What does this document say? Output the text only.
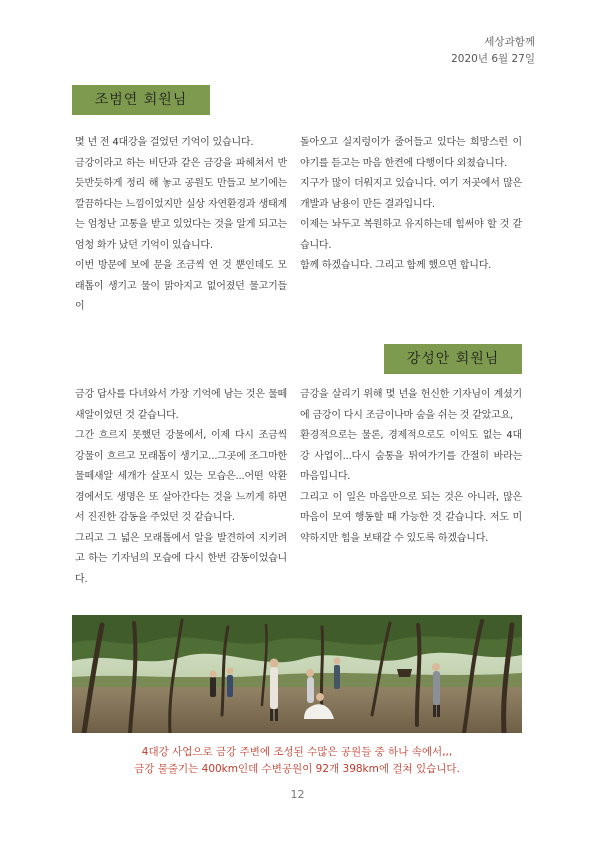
세상과함께
2020년 6월 27일
조범연 회원님

몇 년 전 4대강을 걸었던 기억이 있습니다.

금강이라고 하는 비단과 같은 금강을 파헤쳐서 반듯반듯하게 정리 해 놓고 공원도 만들고 보기에는 깔끔하다는 느낌이었지만 실상 자연환경과 생태계는 엄청난 고통을 받고 있었다는 것을 알게 되고는 엄청 화가 났던 기억이 있습니다.

이번 방문에 보에 문을 조금씩 연 것 뿐인데도 모래톱이 생기고 물이 맑아지고 없어졌던 물고기들이

돌아오고 실지렁이가 줄어들고 있다는 희망스런 이야기를 듣고는 마음 한켠에 다행이다 외쳤습니다.

지구가 많이 더워지고 있습니다. 여기 저곳에서 많은 개발과 남용이 만든 결과입니다.

이제는 놔두고 복원하고 유지하는데 힘써야 할 것 같습니다.

함께 하겠습니다. 그리고 함께 했으면 합니다.

강성안 회원님

금강 답사를 다녀와서 가장 기억에 남는 것은 물떼새알이었던 것 같습니다.

그간 흐르지 못했던 강물에서, 이제 다시 조금씩 강물이 흐르고 모래톱이 생기고...그곳에 조그마한 물떼새알 세개가 살포시 있는 모습은...어떤 악환경에서도 생명은 또 살아간다는 것을 느끼게 하면서 진진한 감동을 주었던 것 같습니다.

그리고 그 넓은 모래톱에서 알을 발견하여 지키려고 하는 기자님의 모습에 다시 한번 감동이었습니다.

금강을 살리기 위해 몇 년을 헌신한 기자님이 계셨기에 금강이 다시 조금이나마 숨을 쉬는 것 같았고요,

환경적으로는 물론, 경제적으로도 이익도 없는 4대강 사업이...다시 숨통을 튀여가기를 간절히 바라는 마음입니다.

그리고 이 일은 마음만으로 되는 것은 아니라, 많은 마음이 모여 행동할 때 가능한 것 같습니다. 저도 미약하지만 힘을 보태갈 수 있도록 하겠습니다.

4대강 사업으로 금강 주변에 조성된 수많은 공원들 중 하나 속에서,,,
금강 물줄기는 400km인데 수변공원이 92개 398km에 걸쳐 있습니다.
12
